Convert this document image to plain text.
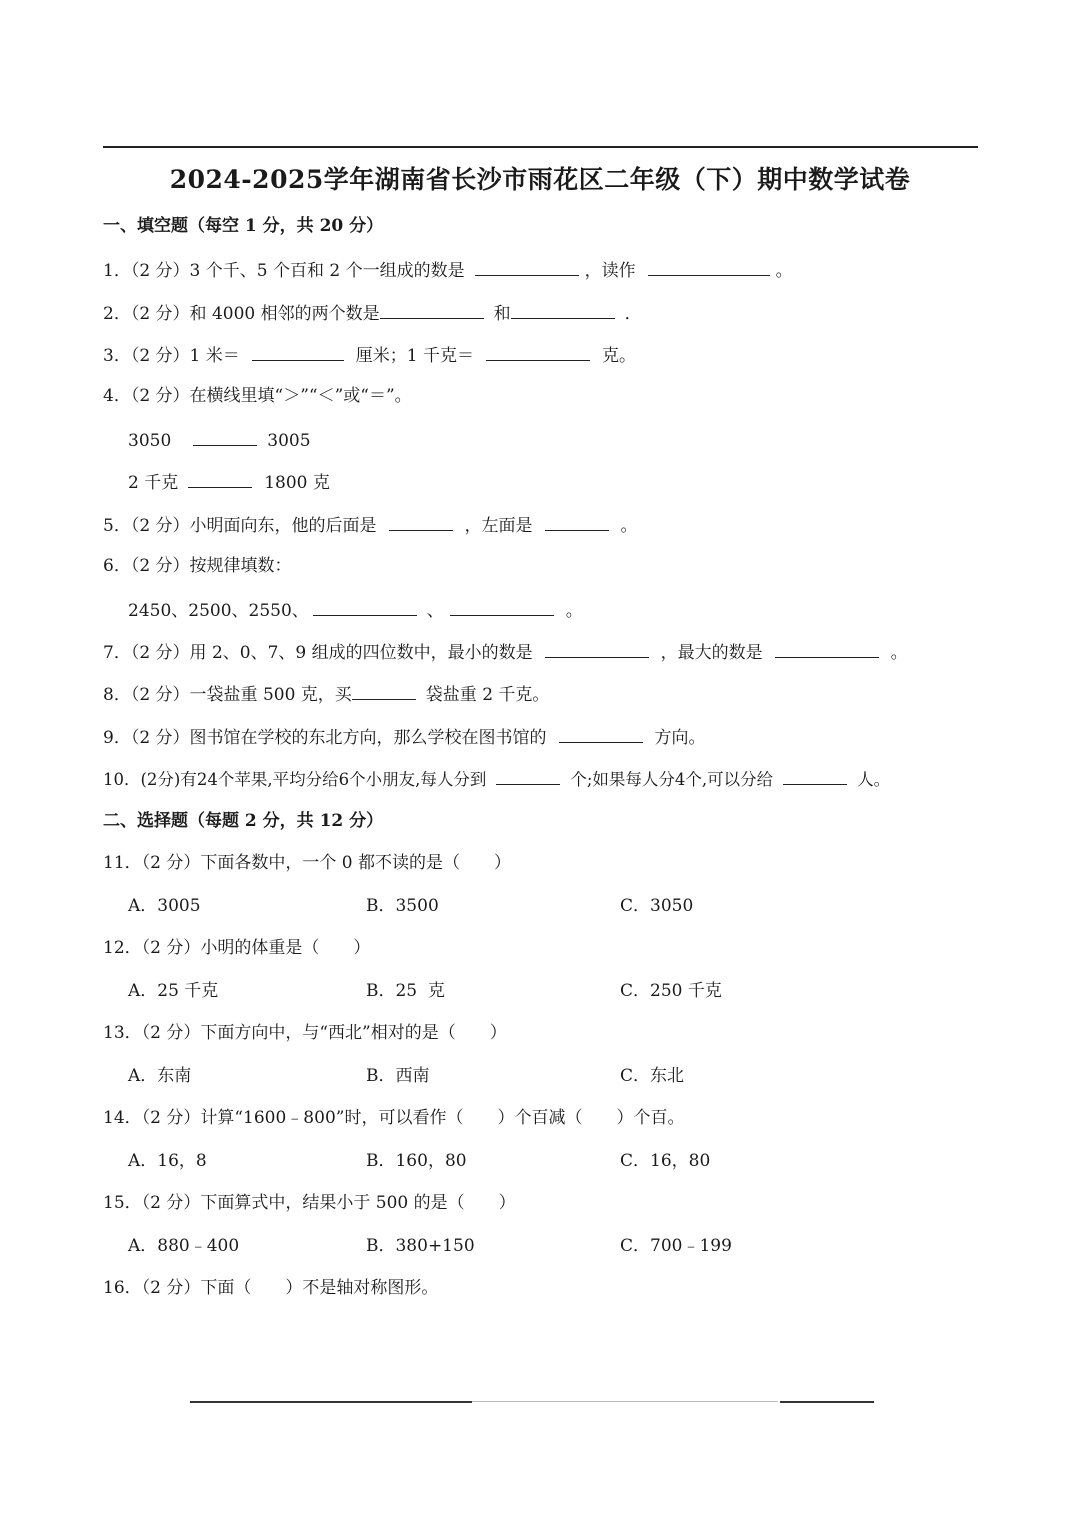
2024-2025学年湖南省长沙市雨花区二年级（下）期中数学试卷
一、填空题（每空 1 分，共 20 分）
1．（2 分）3 个千、5 个百和 2 个一组成的数是	，读作	。
2．（2 分）和 4000 相邻的两个数是	和	．
3．（2 分）1 米＝	厘米；1 千克＝	克。
4．（2 分）在横线里填“＞”“＜”或“＝”。
3050	3005
2 千克	1800 克
5．（2 分）小明面向东，他的后面是	，左面是	。
6．（2 分）按规律填数：
2450、2500、2550、	、	。
7．（2 分）用 2、0、7、9 组成的四位数中，最小的数是	，最大的数是	。
8．（2 分）一袋盐重 500 克，买	袋盐重 2 千克。
9．（2 分）图书馆在学校的东北方向，那么学校在图书馆的	方向。
10．(2分)有24个苹果,平均分给6个小朋友,每人分到	个;如果每人分4个,可以分给	人。
二、选择题（每题 2 分，共 12 分）
11．（2 分）下面各数中，一个 0 都不读的是（　　）
A．3005	B．3500	C．3050
12．（2 分）小明的体重是（　　）
A．25 千克	B．25  克	C．250 千克
13．（2 分）下面方向中，与“西北”相对的是（　　）
A．东南	B．西南	C．东北
14．（2 分）计算“1600﹣800”时，可以看作（　　）个百减（　　）个百。
A．16，8	B．160，80	C．16，80
15．（2 分）下面算式中，结果小于 500 的是（　　）
A．880﹣400	B．380+150	C．700﹣199
16．（2 分）下面（　　）不是轴对称图形。
